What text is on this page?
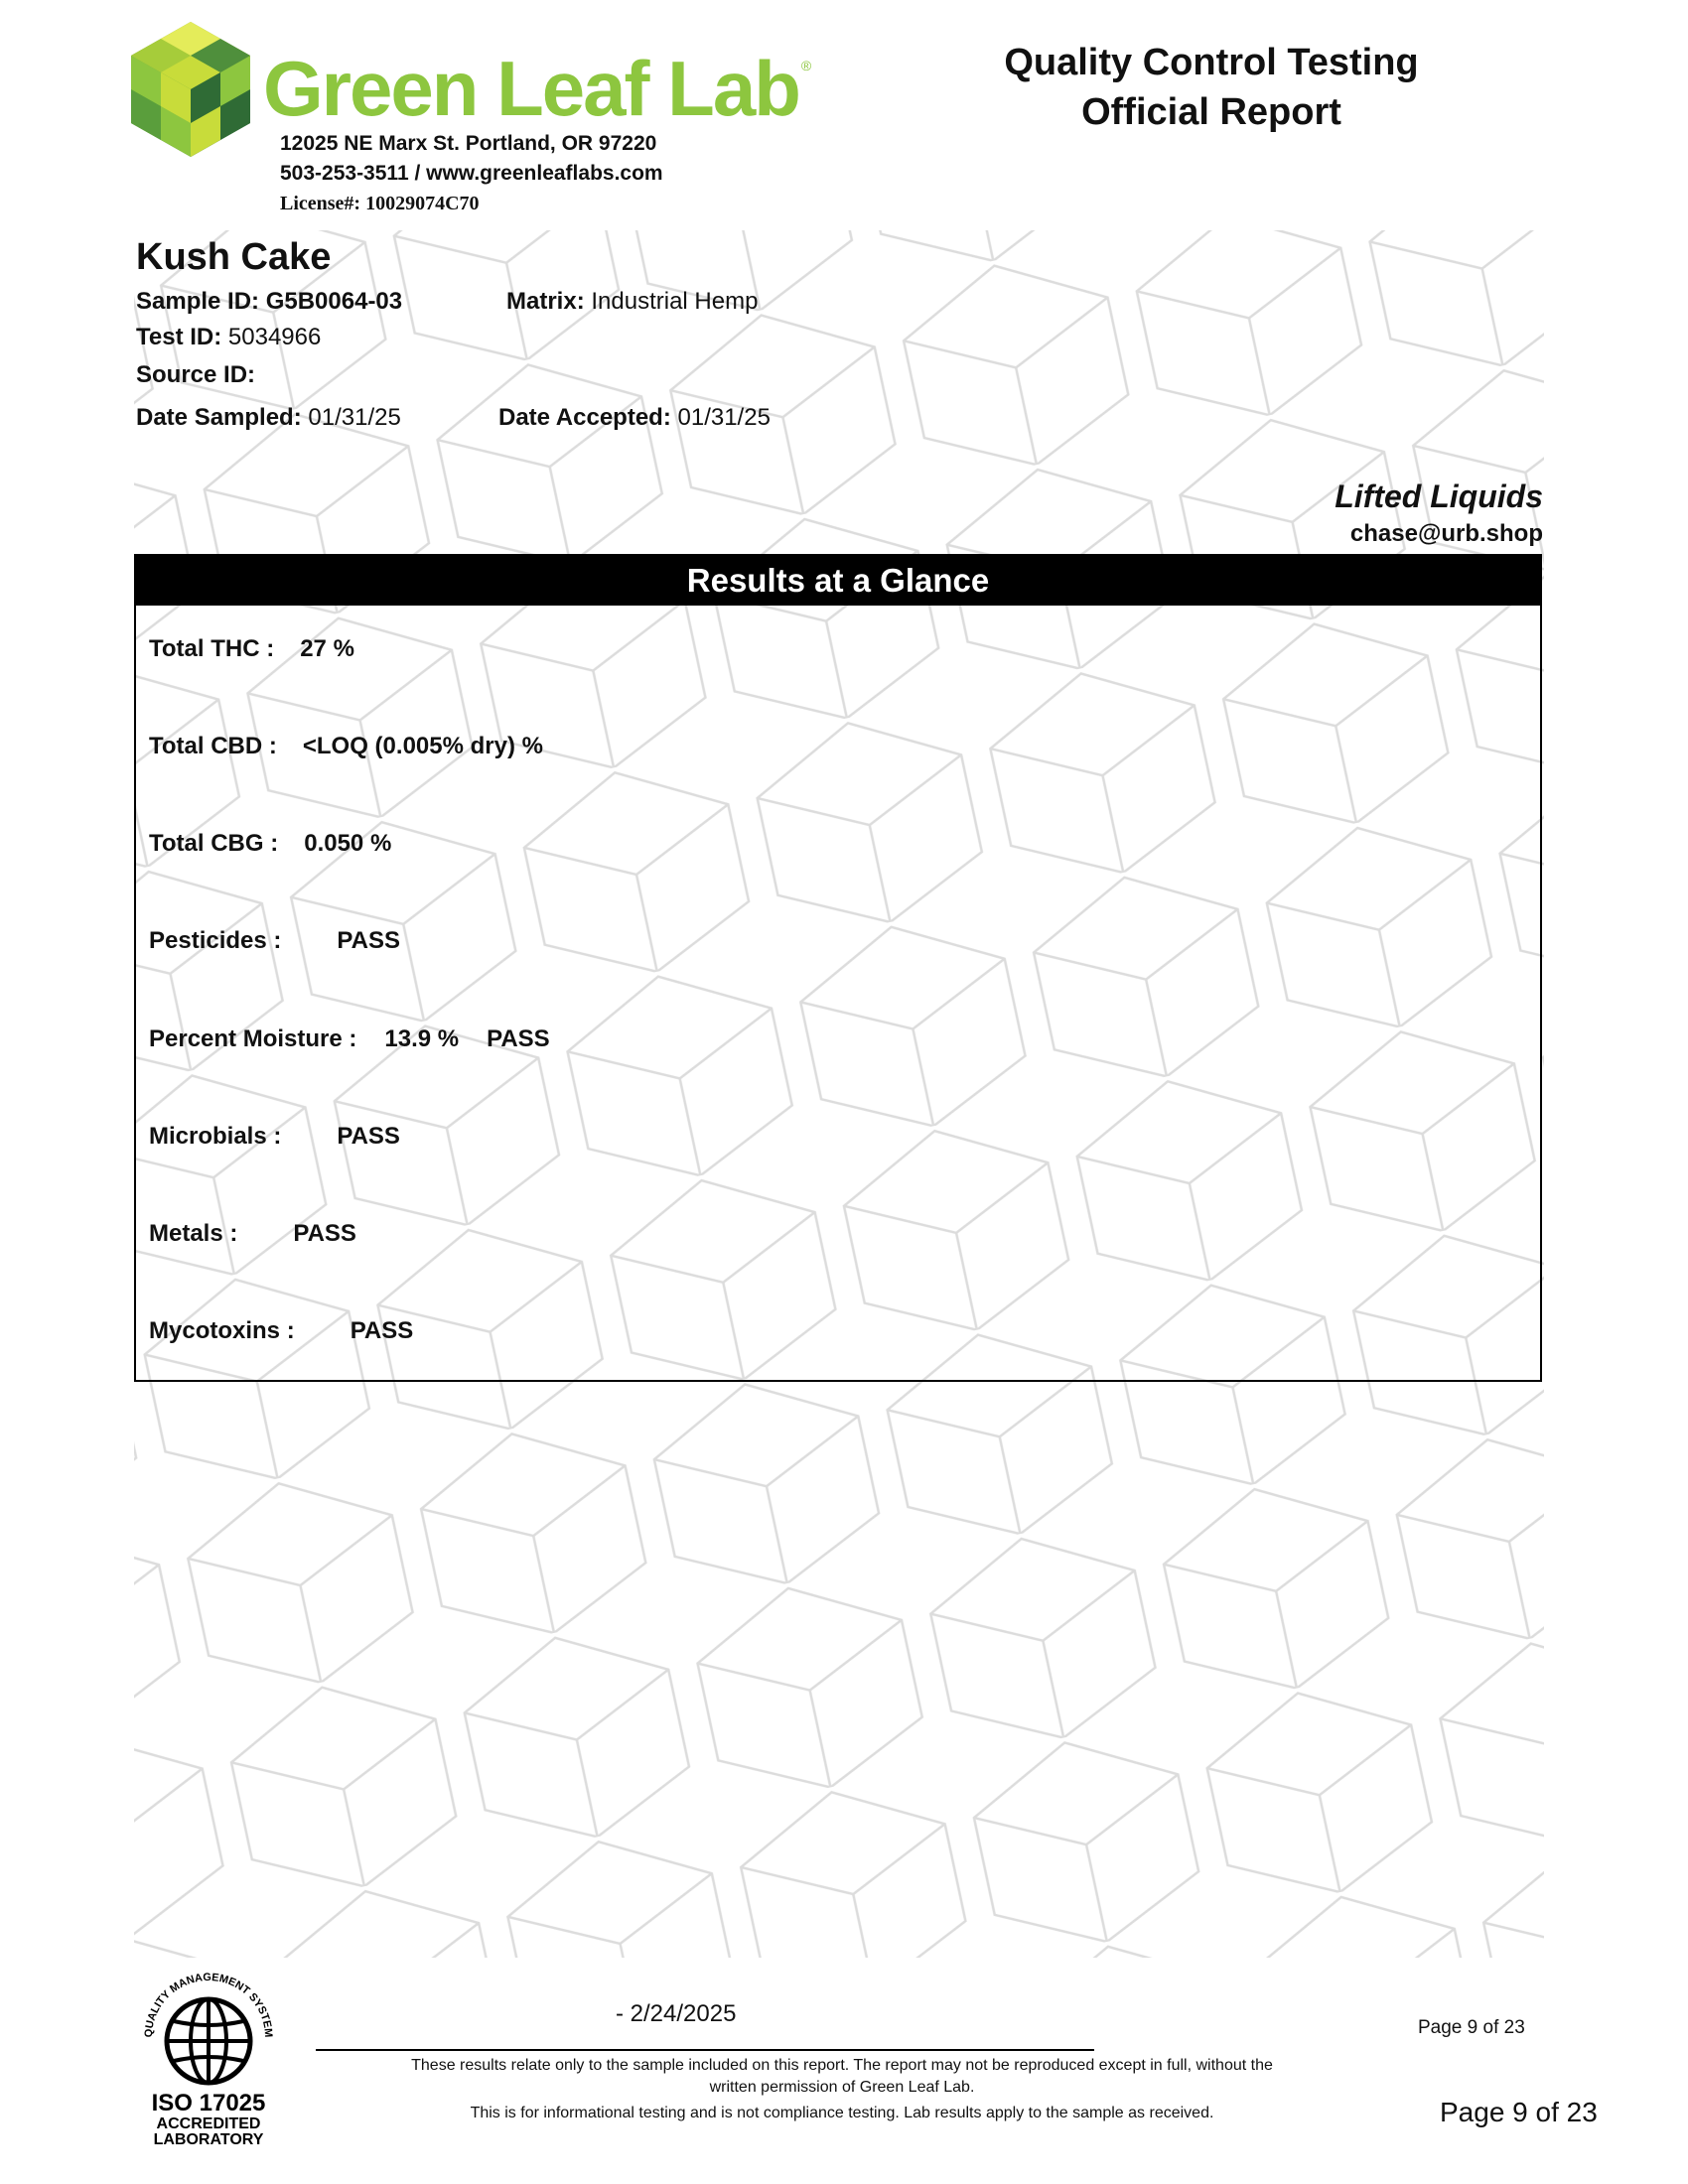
Green Leaf Lab ®
12025 NE Marx St. Portland, OR 97220
503-253-3511 / www.greenleaflabs.com
License#: 10029074C70
Quality Control Testing
Official Report
Kush Cake
Sample ID: G5B0064-03	Matrix: Industrial Hemp
Test ID: 5034966
Source ID:
Date Sampled: 01/31/25	Date Accepted: 01/31/25
Lifted Liquids
chase@urb.shop
Results at a Glance
Total THC : 27 %
Total CBD : <LOQ (0.005% dry) %
Total CBG : 0.050 %
Pesticides : PASS
Percent Moisture : 13.9 % PASS
Microbials : PASS
Metals : PASS
Mycotoxins : PASS
QUALITY MANAGEMENT SYSTEM
ISO 17025
ACCREDITED
LABORATORY
- 2/24/2025
These results relate only to the sample included on this report. The report may not be reproduced except in full, without the
written permission of Green Leaf Lab.
This is for informational testing and is not compliance testing. Lab results apply to the sample as received.
Page 9 of 23
Page 9 of 23
